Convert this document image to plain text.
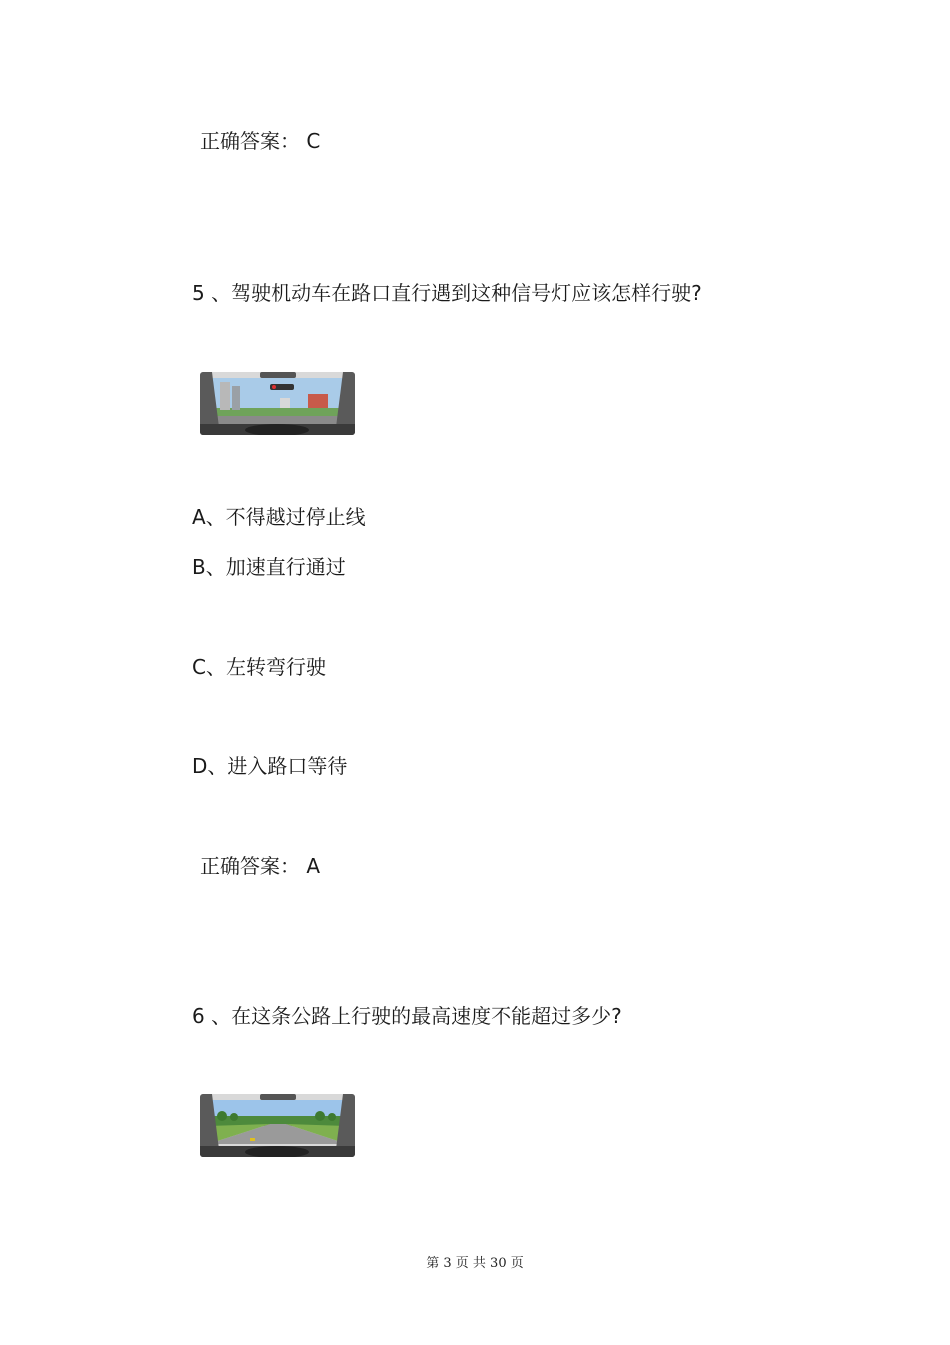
正确答案： C
5 、驾驶机动车在路口直行遇到这种信号灯应该怎样行驶?
A、不得越过停止线
B、加速直行通过
C、左转弯行驶
D、进入路口等待
正确答案： A
6 、在这条公路上行驶的最高速度不能超过多少?
第 3 页 共 30 页
